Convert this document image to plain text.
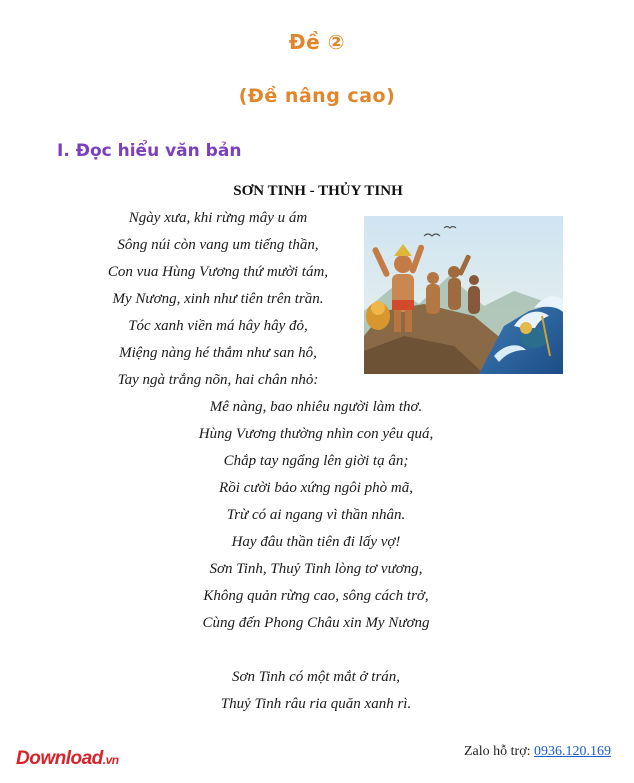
Đề ②
(Đề nâng cao)
I. Đọc hiểu văn bản
SƠN TINH - THỦY TINH
Ngày xưa, khi rừng mây u ám
Sông núi còn vang um tiếng thần,
Con vua Hùng Vương thứ mười tám,
My Nương, xinh như tiên trên trần.
Tóc xanh viền má hây hây đỏ,
Miệng nàng hé thắm như san hô,
Tay ngà trắng nõn, hai chân nhỏ:
Mê nàng, bao nhiêu người làm thơ.
Hùng Vương thường nhìn con yêu quá,
Chắp tay ngẩng lên giời tạ ân;
Rồi cười bảo xứng ngôi phò mã,
Trừ có ai ngang vì thần nhân.
Hay đâu thần tiên đi lấy vợ!
Sơn Tinh, Thuỷ Tinh lòng tơ vương,
Không quản rừng cao, sông cách trở,
Cùng đến Phong Châu xin My Nương
Sơn Tinh có một mắt ở trán,
Thuỷ Tinh râu ria quăn xanh rì.
Download.vn
Zalo hỗ trợ: 0936.120.169
